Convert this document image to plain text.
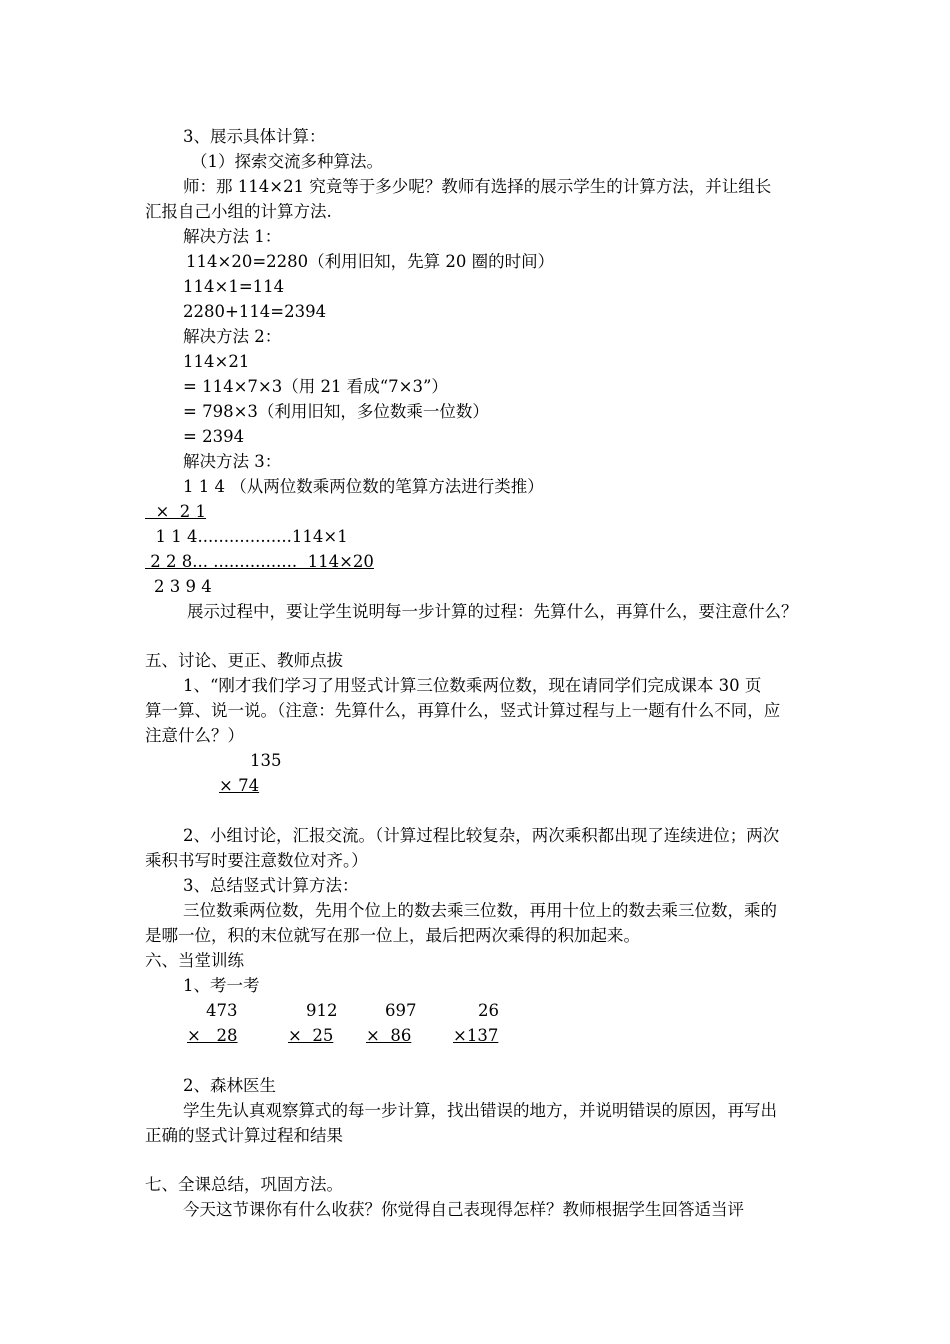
3、展示具体计算：
（1）探索交流多种算法。
师：那 114×21 究竟等于多少呢？教师有选择的展示学生的计算方法，并让组长
汇报自己小组的计算方法.
解决方法 1：
114×20=2280（利用旧知，先算 20 圈的时间）
114×1=114
2280+114=2394
解决方法 2：
114×21
= 114×7×3（用 21 看成“7×3”）
= 798×3（利用旧知，多位数乘一位数）
= 2394
解决方法 3：
1 1 4 （从两位数乘两位数的笔算方法进行类推）
×  2 1
1 1 4..................114×1
2 2 8... ................  114×20
2 3 9 4
展示过程中，要让学生说明每一步计算的过程：先算什么，再算什么，要注意什么？
五、讨论、更正、教师点拔
1、“刚才我们学习了用竖式计算三位数乘两位数，现在请同学们完成课本 30 页
算一算、说一说。（注意：先算什么，再算什么，竖式计算过程与上一题有什么不同，应
注意什么？）
135
× 74
2、小组讨论，汇报交流。（计算过程比较复杂，两次乘积都出现了连续进位；两次
乘积书写时要注意数位对齐。）
3、总结竖式计算方法：
三位数乘两位数，先用个位上的数去乘三位数，再用十位上的数去乘三位数，乘的
是哪一位，积的末位就写在那一位上，最后把两次乘得的积加起来。
六、当堂训练
1、考一考
473	912	697	26
×   28	×  25 ×  86	×137
2、森林医生
学生先认真观察算式的每一步计算，找出错误的地方，并说明错误的原因，再写出
正确的竖式计算过程和结果
七、全课总结，巩固方法。
今天这节课你有什么收获？你觉得自己表现得怎样？教师根据学生回答适当评
